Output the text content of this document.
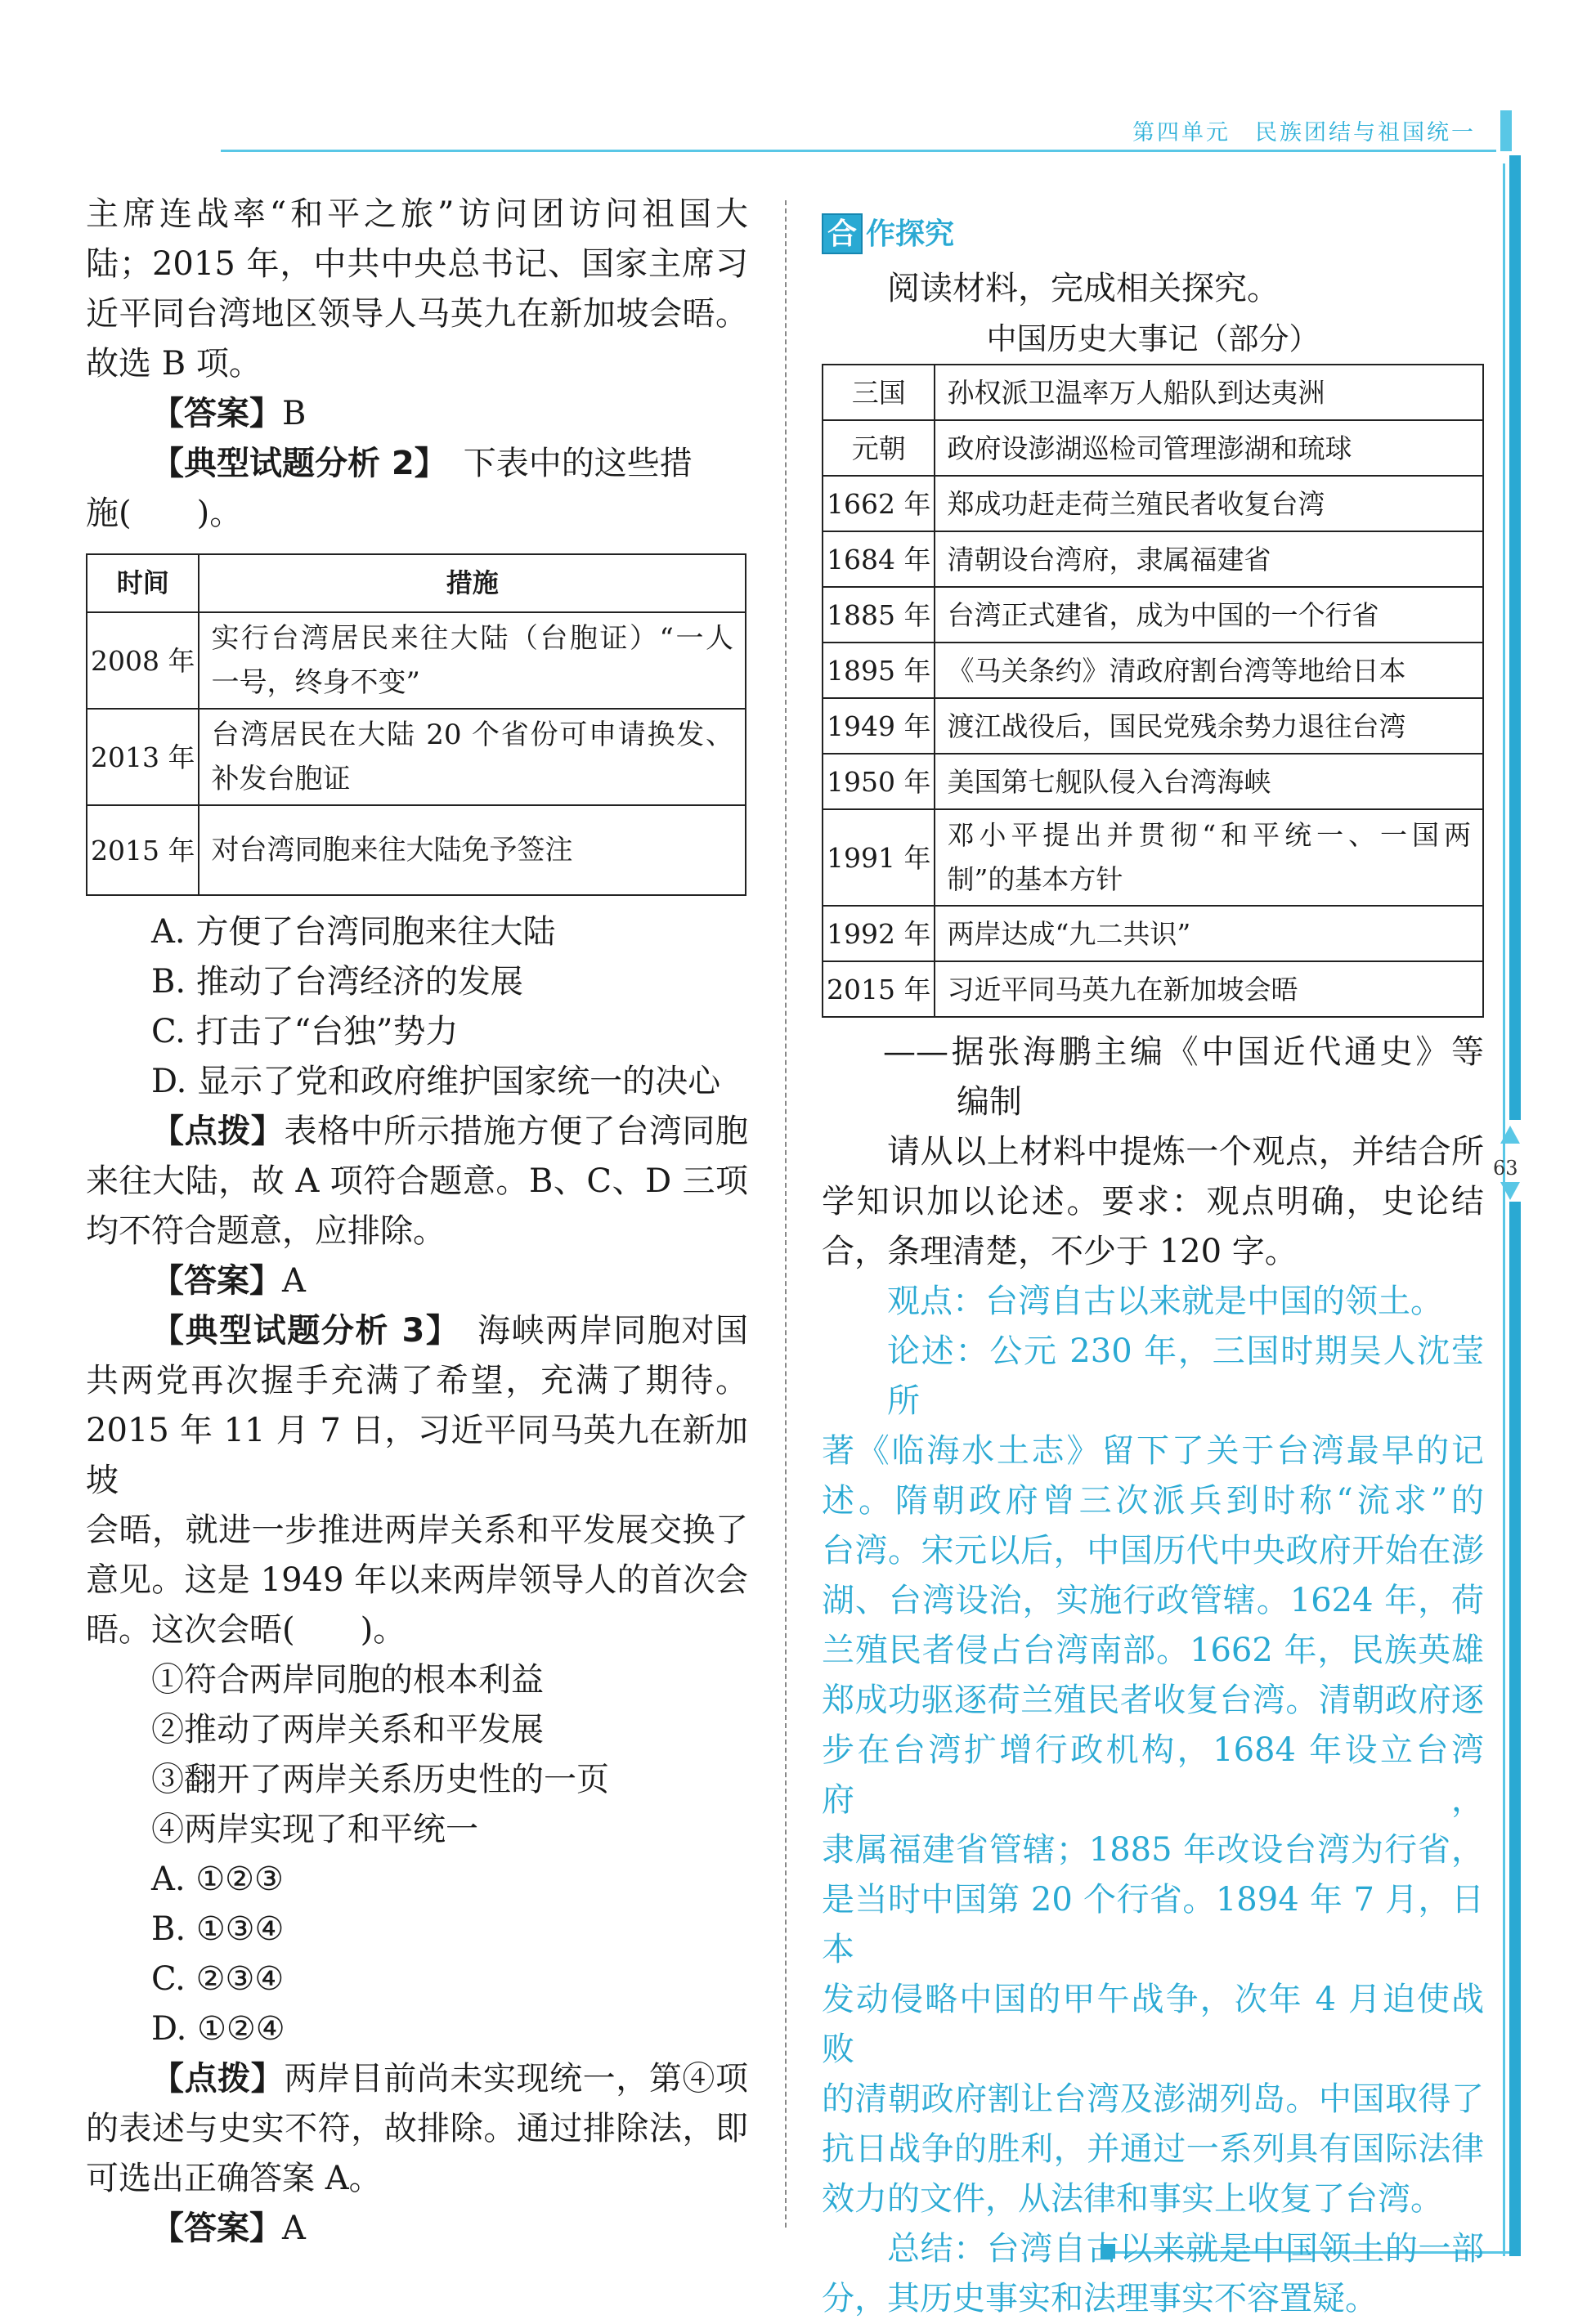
第四单元　民族团结与祖国统一
63

主席连战率“和平之旅”访问团访问祖国大

陆；2015 年，中共中央总书记、国家主席习

近平同台湾地区领导人马英九在新加坡会晤。

故选 B 项。

【答案】B

【典型试题分析 2】　下表中的这些措

施(　　)。

时间	措施
2008 年	实行台湾居民来往大陆（台胞证）“一人
一号，终身不变”

2013 年	台湾居民在大陆 20 个省份可申请换发、
补发台胞证

2015 年	对台湾同胞来往大陆免予签注

A. 方便了台湾同胞来往大陆

B. 推动了台湾经济的发展

C. 打击了“台独”势力

D. 显示了党和政府维护国家统一的决心

【点拨】表格中所示措施方便了台湾同胞

来往大陆，故 A 项符合题意。B、C、D 三项

均不符合题意，应排除。

【答案】A

【典型试题分析 3】　海峡两岸同胞对国

共两党再次握手充满了希望，充满了期待。

2015 年 11 月 7 日，习近平同马英九在新加坡

会晤，就进一步推进两岸关系和平发展交换了

意见。这是 1949 年以来两岸领导人的首次会

晤。这次会晤(　　)。

①符合两岸同胞的根本利益

②推动了两岸关系和平发展

③翻开了两岸关系历史性的一页

④两岸实现了和平统一

A. ①②③

B. ①③④

C. ②③④

D. ①②④

【点拨】两岸目前尚未实现统一，第④项

的表述与史实不符，故排除。通过排除法，即

可选出正确答案 A。

【答案】A

合 作探究

阅读材料，完成相关探究。

中国历史大事记（部分）

三国	孙权派卫温率万人船队到达夷洲
元朝	政府设澎湖巡检司管理澎湖和琉球
1662 年	郑成功赶走荷兰殖民者收复台湾
1684 年	清朝设台湾府，隶属福建省
1885 年	台湾正式建省，成为中国的一个行省
1895 年	《马关条约》清政府割台湾等地给日本
1949 年	渡江战役后，国民党残余势力退往台湾
1950 年	美国第七舰队侵入台湾海峡
1991 年	邓小平提出并贯彻“和平统一、一国两
制”的基本方针

1992 年	两岸达成“九二共识”
2015 年	习近平同马英九在新加坡会晤

——据张海鹏主编《中国近代通史》等

编制

请从以上材料中提炼一个观点，并结合所

学知识加以论述。要求：观点明确，史论结

合，条理清楚，不少于 120 字。

观点：台湾自古以来就是中国的领土。

论述：公元 230 年，三国时期吴人沈莹所

著《临海水土志》留下了关于台湾最早的记

述。隋朝政府曾三次派兵到时称“流求”的

台湾。宋元以后，中国历代中央政府开始在澎

湖、台湾设治，实施行政管辖。1624 年，荷

兰殖民者侵占台湾南部。1662 年，民族英雄

郑成功驱逐荷兰殖民者收复台湾。清朝政府逐

步在台湾扩增行政机构，1684 年设立台湾府，

隶属福建省管辖；1885 年改设台湾为行省，

是当时中国第 20 个行省。1894 年 7 月，日本

发动侵略中国的甲午战争，次年 4 月迫使战败

的清朝政府割让台湾及澎湖列岛。中国取得了

抗日战争的胜利，并通过一系列具有国际法律

效力的文件，从法律和事实上收复了台湾。

总结：台湾自古以来就是中国领土的一部

分，其历史事实和法理事实不容置疑。
